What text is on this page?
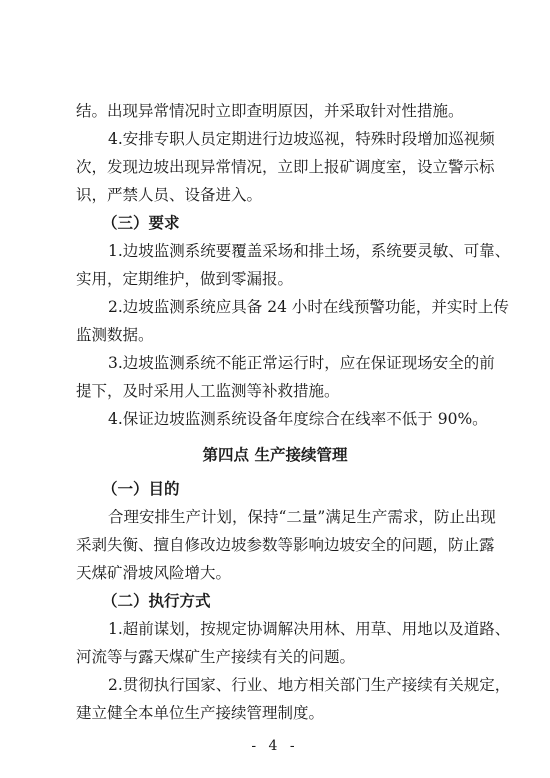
结。出现异常情况时立即查明原因，并采取针对性措施。
4.安排专职人员定期进行边坡巡视，特殊时段增加巡视频
次，发现边坡出现异常情况，立即上报矿调度室，设立警示标
识，严禁人员、设备进入。
（三）要求
1.边坡监测系统要覆盖采场和排土场，系统要灵敏、可靠、
实用，定期维护，做到零漏报。
2.边坡监测系统应具备 24 小时在线预警功能，并实时上传
监测数据。
3.边坡监测系统不能正常运行时，应在保证现场安全的前
提下，及时采用人工监测等补救措施。
4.保证边坡监测系统设备年度综合在线率不低于 90%。
第四点 生产接续管理
（一）目的
合理安排生产计划，保持“二量”满足生产需求，防止出现
采剥失衡、擅自修改边坡参数等影响边坡安全的问题，防止露
天煤矿滑坡风险增大。
（二）执行方式
1.超前谋划，按规定协调解决用林、用草、用地以及道路、
河流等与露天煤矿生产接续有关的问题。
2.贯彻执行国家、行业、地方相关部门生产接续有关规定，
建立健全本单位生产接续管理制度。
- 4 -
